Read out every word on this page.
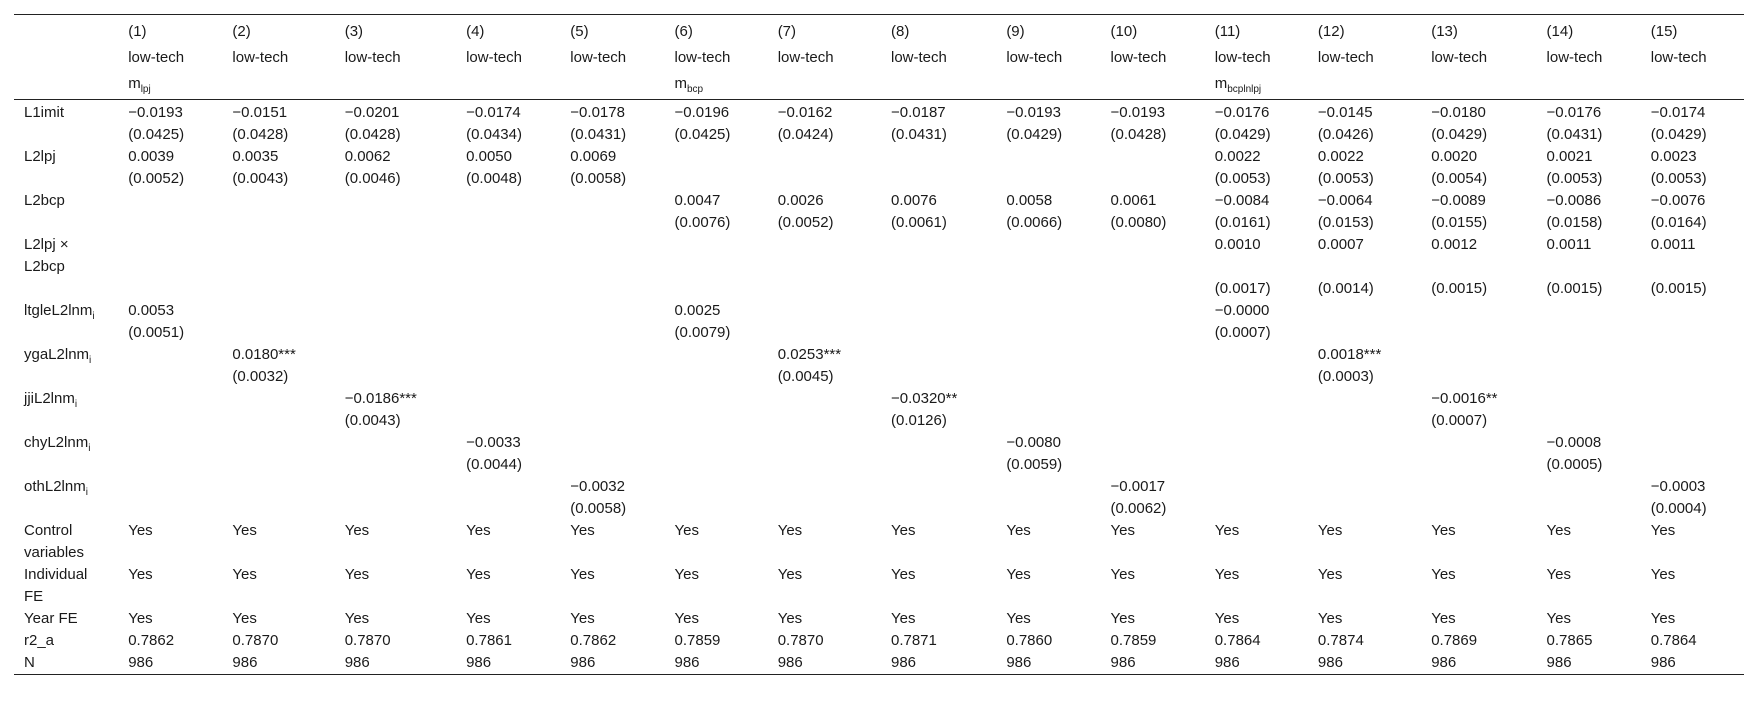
	(1)	(2)	(3)	(4)	(5)	(6)	(7)	(8)	(9)	(10)	(11)	(12)	(13)	(14)	(15)
	low-tech	low-tech	low-tech	low-tech	low-tech	low-tech	low-tech	low-tech	low-tech	low-tech	low-tech	low-tech	low-tech	low-tech	low-tech
	$m_{lpj}$					$m_{bcp}$					$m_{bcplnlpj}$				
L1imit	−0.0193	−0.0151	−0.0201	−0.0174	−0.0178	−0.0196	−0.0162	−0.0187	−0.0193	−0.0193	−0.0176	−0.0145	−0.0180	−0.0176	−0.0174
	(0.0425)	(0.0428)	(0.0428)	(0.0434)	(0.0431)	(0.0425)	(0.0424)	(0.0431)	(0.0429)	(0.0428)	(0.0429)	(0.0426)	(0.0429)	(0.0431)	(0.0429)
L2lpj	0.0039	0.0035	0.0062	0.0050	0.0069						0.0022	0.0022	0.0020	0.0021	0.0023
	(0.0052)	(0.0043)	(0.0046)	(0.0048)	(0.0058)						(0.0053)	(0.0053)	(0.0054)	(0.0053)	(0.0053)
L2bcp						0.0047	0.0026	0.0076	0.0058	0.0061	−0.0084	−0.0064	−0.0089	−0.0086	−0.0076
						(0.0076)	(0.0052)	(0.0061)	(0.0066)	(0.0080)	(0.0161)	(0.0153)	(0.0155)	(0.0158)	(0.0164)

L2lpj ×
L2bcp											0.0010	0.0007	0.0012	0.0011	0.0011
											(0.0017)	(0.0014)	(0.0015)	(0.0015)	(0.0015)
ltgleL2lnm$_i$	0.0053					0.0025					−0.0000				
	(0.0051)					(0.0079)					(0.0007)				
ygaL2lnm$_i$		0.0180***					0.0253***					0.0018***			
		(0.0032)					(0.0045)					(0.0003)			
jjiL2lnm$_i$			−0.0186***					−0.0320**					−0.0016**		
			(0.0043)					(0.0126)					(0.0007)		
chyL2lnm$_i$				−0.0033					−0.0080					−0.0008	
				(0.0044)					(0.0059)					(0.0005)	
othL2lnm$_i$					−0.0032					−0.0017					−0.0003
					(0.0058)					(0.0062)					(0.0004)
Control variables	Yes	Yes	Yes	Yes	Yes	Yes	Yes	Yes	Yes	Yes	Yes	Yes	Yes	Yes	Yes
Individual FE	Yes	Yes	Yes	Yes	Yes	Yes	Yes	Yes	Yes	Yes	Yes	Yes	Yes	Yes	Yes
Year FE	Yes	Yes	Yes	Yes	Yes	Yes	Yes	Yes	Yes	Yes	Yes	Yes	Yes	Yes	Yes
r2_a	0.7862	0.7870	0.7870	0.7861	0.7862	0.7859	0.7870	0.7871	0.7860	0.7859	0.7864	0.7874	0.7869	0.7865	0.7864
N	986	986	986	986	986	986	986	986	986	986	986	986	986	986	986
